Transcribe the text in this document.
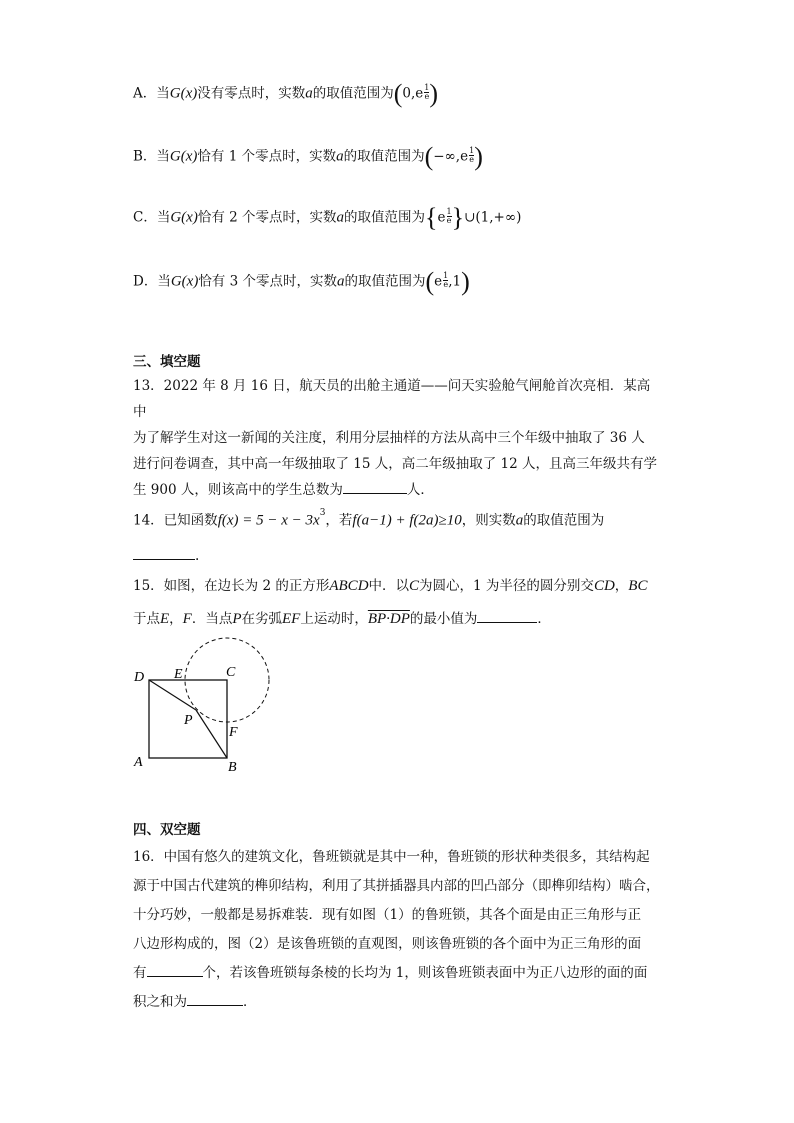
A．当G(x)没有零点时，实数a的取值范围为($0,e \frac{1}{e}$ )
B．当G(x)恰有 1 个零点时，实数a的取值范围为($-\infty,e \frac{1}{e}$ )
C．当G(x)恰有 2 个零点时，实数a的取值范围为{$e \frac{1}{e}$ }∪(1,+∞)
D．当G(x)恰有 3 个零点时，实数a的取值范围为$(e \frac{1}{e} ,1)$
三、填空题
13．2022 年 8 月 16 日，航天员的出舱主通道——问天实验舱气闸舱首次亮相．某高中
为了解学生对这一新闻的关注度，利用分层抽样的方法从高中三个年级中抽取了 36 人
进行问卷调查，其中高一年级抽取了 15 人，高二年级抽取了 12 人，且高三年级共有学
生 900 人，则该高中的学生总数为	人．
14．已知函数$f(x) = 5 - x - 3x^3$，若f(a−1) + f(2a)≥10，则实数a的取值范围为
.
15．如图，在边长为 2 的正方形ABCD中．以C为圆心，1 为半径的圆分别交CD，BC
于点E，F．当点P在劣弧EF上运动时，BP·DP的最小值为	．
D E	C
P
F
A	B
四、双空题
16．中国有悠久的建筑文化，鲁班锁就是其中一种，鲁班锁的形状种类很多，其结构起
源于中国古代建筑的榫卯结构，利用了其拼插器具内部的凹凸部分（即榫卯结构）啮合，
十分巧妙，一般都是易拆难装．现有如图（1）的鲁班锁，其各个面是由正三角形与正
八边形构成的，图（2）是该鲁班锁的直观图，则该鲁班锁的各个面中为正三角形的面
有	个，若该鲁班锁每条棱的长均为 1，则该鲁班锁表面中为正八边形的面的面
积之和为	．
